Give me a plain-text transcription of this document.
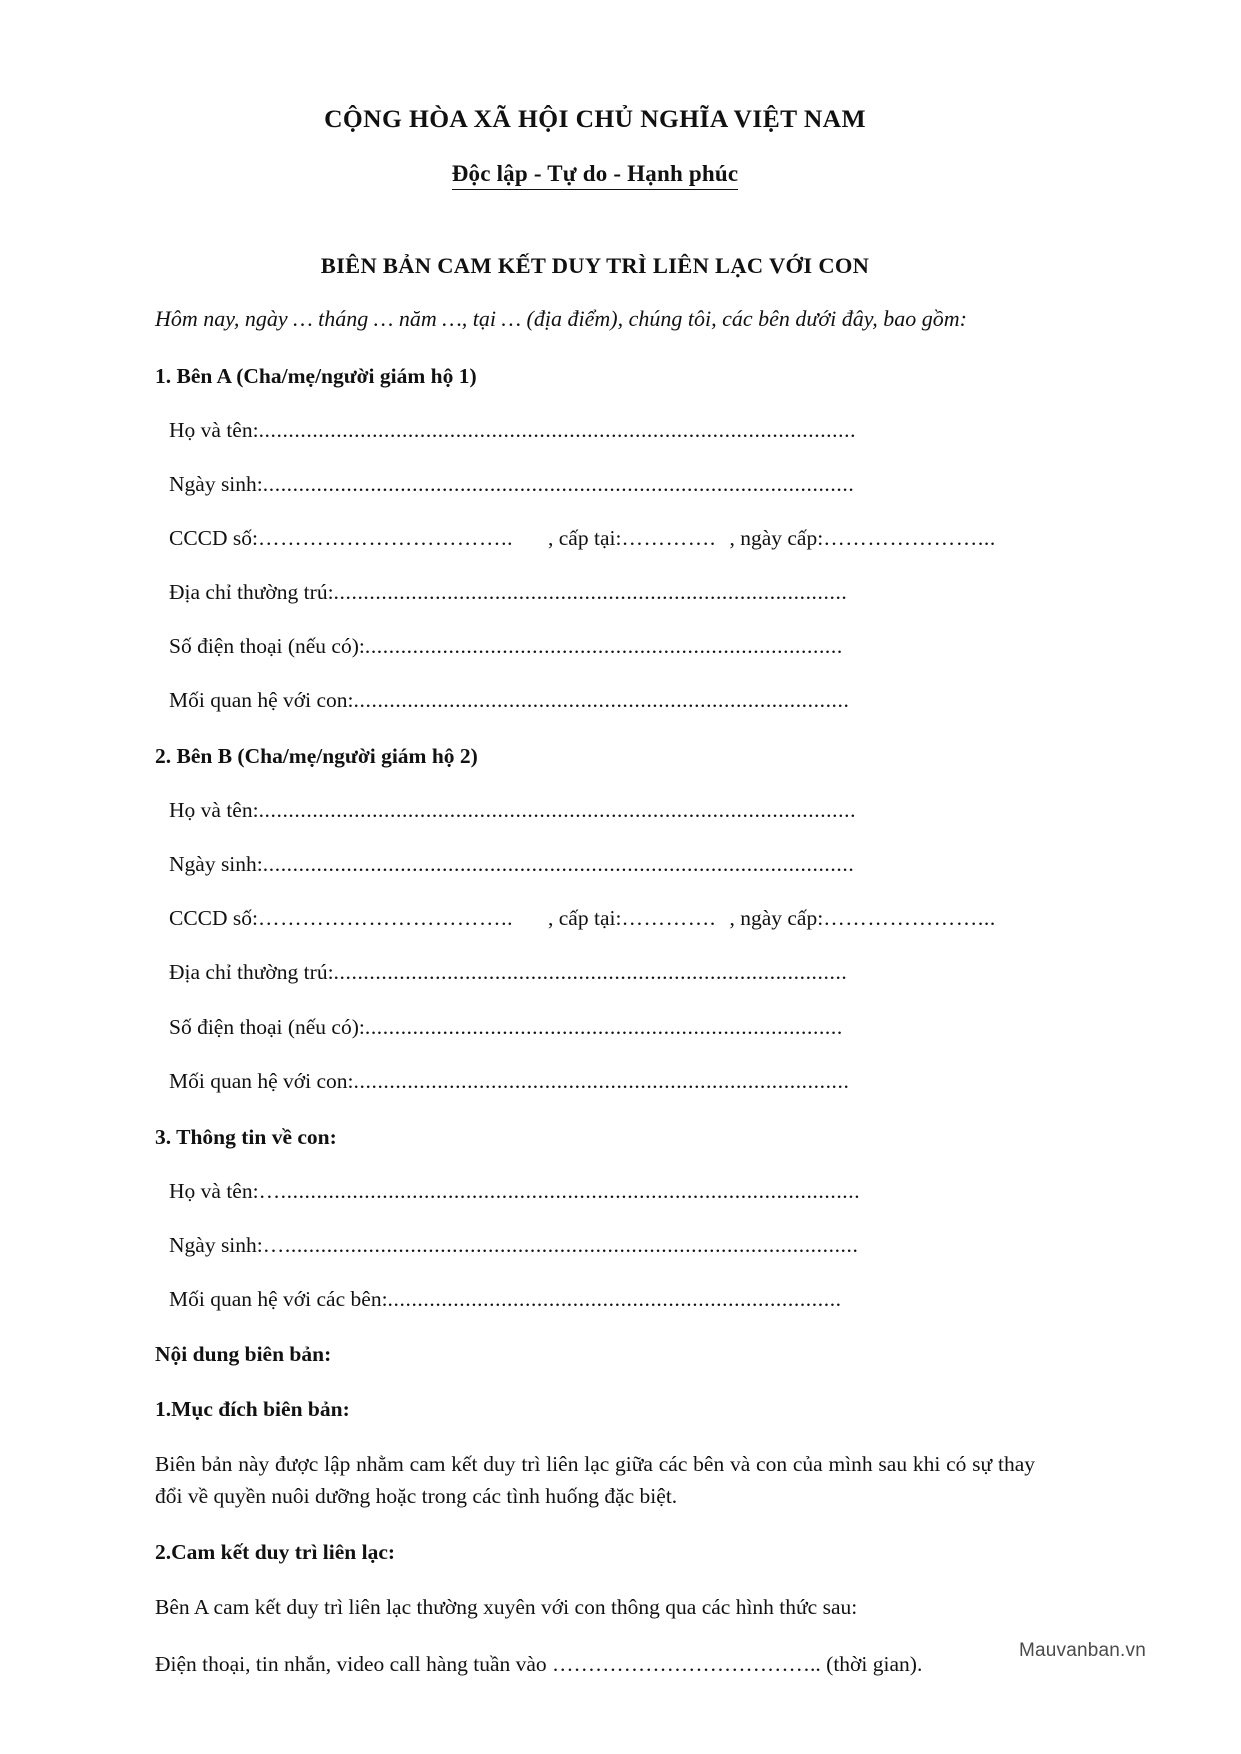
CỘNG HÒA XÃ HỘI CHỦ NGHĨA VIỆT NAM
Độc lập - Tự do - Hạnh phúc
BIÊN BẢN CAM KẾT DUY TRÌ LIÊN LẠC VỚI CON
Hôm nay, ngày … tháng … năm …, tại … (địa điểm), chúng tôi, các bên dưới đây, bao gồm:
1. Bên A (Cha/mẹ/người giám hộ 1)
Họ và tên: ....................................................................................................
Ngày sinh: ...................................................................................................
CCCD số: ……………………………..	, cấp tại: …………. , ngày cấp: …………………...
Địa chỉ thường trú: ......................................................................................
Số điện thoại (nếu có): ................................................................................
Mối quan hệ với con: ...................................................................................
2. Bên B (Cha/mẹ/người giám hộ 2)
Họ và tên: ....................................................................................................
Ngày sinh: ...................................................................................................
CCCD số: ……………………………..	, cấp tại: …………. , ngày cấp: …………………...
Địa chỉ thường trú: ......................................................................................
Số điện thoại (nếu có): ................................................................................
Mối quan hệ với con: ...................................................................................
3. Thông tin về con:
Họ và tên: ….................................................................................................
Ngày sinh: …................................................................................................
Mối quan hệ với các bên: ............................................................................
Nội dung biên bản:
1.Mục đích biên bản:
Biên bản này được lập nhằm cam kết duy trì liên lạc giữa các bên và con của mình sau khi có sự thay đổi về quyền nuôi dưỡng hoặc trong các tình huống đặc biệt.
2.Cam kết duy trì liên lạc:
Bên A cam kết duy trì liên lạc thường xuyên với con thông qua các hình thức sau:
Điện thoại, tin nhắn, video call hàng tuần vào ……………………………….. (thời gian).
Mauvanban.vn
